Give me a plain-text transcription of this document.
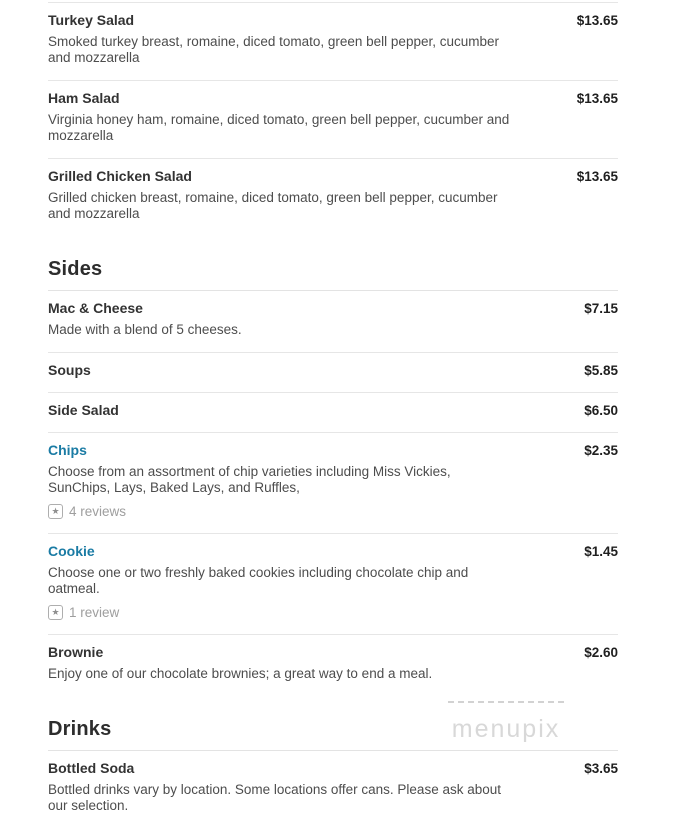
Turkey Salad	$13.65
Smoked turkey breast, romaine, diced tomato, green bell pepper, cucumber and mozzarella
Ham Salad	$13.65
Virginia honey ham, romaine, diced tomato, green bell pepper, cucumber and mozzarella
Grilled Chicken Salad	$13.65
Grilled chicken breast, romaine, diced tomato, green bell pepper, cucumber and mozzarella
Sides
Mac & Cheese	$7.15
Made with a blend of 5 cheeses.
Soups	$5.85
Side Salad	$6.50
Chips	$2.35
Choose from an assortment of chip varieties including Miss Vickies, SunChips, Lays, Baked Lays, and Ruffles,
★ 4 reviews
Cookie	$1.45
Choose one or two freshly baked cookies including chocolate chip and oatmeal.
★ 1 review
Brownie	$2.60
Enjoy one of our chocolate brownies; a great way to end a meal.
Drinks	menupix
Bottled Soda	$3.65
Bottled drinks vary by location. Some locations offer cans. Please ask about our selection.
